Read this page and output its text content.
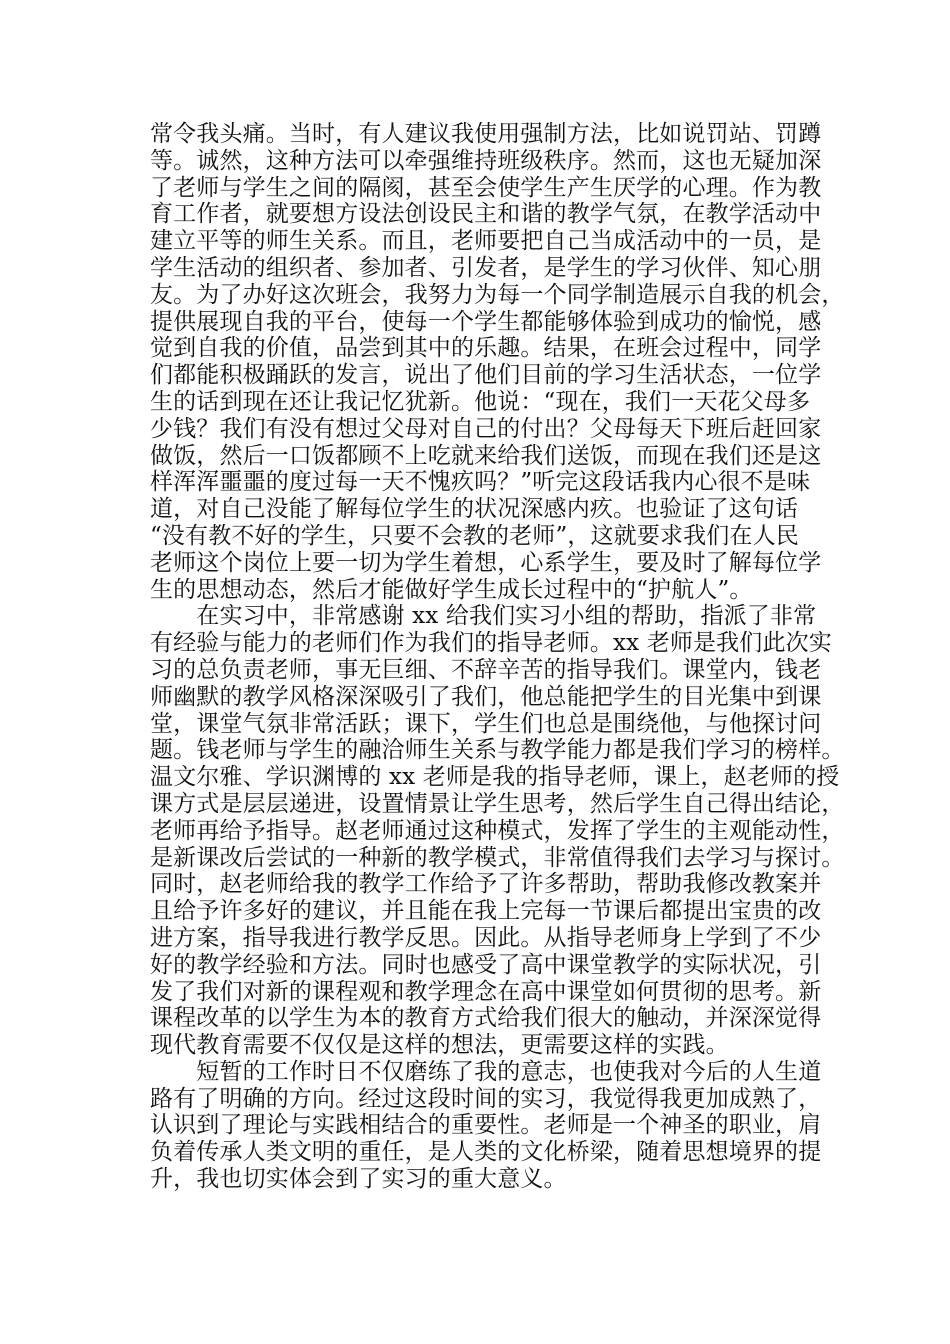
常令我头痛。当时，有人建议我使用强制方法，比如说罚站、罚蹲
等。诚然，这种方法可以牵强维持班级秩序。然而，这也无疑加深
了老师与学生之间的隔阂，甚至会使学生产生厌学的心理。作为教
育工作者，就要想方设法创设民主和谐的教学气氛，在教学活动中
建立平等的师生关系。而且，老师要把自己当成活动中的一员，是
学生活动的组织者、参加者、引发者，是学生的学习伙伴、知心朋
友。为了办好这次班会，我努力为每一个同学制造展示自我的机会，
提供展现自我的平台，使每一个学生都能够体验到成功的愉悦，感
觉到自我的价值，品尝到其中的乐趣。结果，在班会过程中，同学
们都能积极踊跃的发言，说出了他们目前的学习生活状态，一位学
生的话到现在还让我记忆犹新。他说：“现在，我们一天花父母多
少钱？我们有没有想过父母对自己的付出？父母每天下班后赶回家
做饭，然后一口饭都顾不上吃就来给我们送饭，而现在我们还是这
样浑浑噩噩的度过每一天不愧疚吗？”听完这段话我内心很不是味
道，对自己没能了解每位学生的状况深感内疚。也验证了这句话
“没有教不好的学生，只要不会教的老师”，这就要求我们在人民
老师这个岗位上要一切为学生着想，心系学生，要及时了解每位学
生的思想动态，然后才能做好学生成长过程中的“护航人”。
　　在实习中，非常感谢 xx 给我们实习小组的帮助，指派了非常
有经验与能力的老师们作为我们的指导老师。xx 老师是我们此次实
习的总负责老师，事无巨细、不辞辛苦的指导我们。课堂内，钱老
师幽默的教学风格深深吸引了我们，他总能把学生的目光集中到课
堂，课堂气氛非常活跃；课下，学生们也总是围绕他，与他探讨问
题。钱老师与学生的融洽师生关系与教学能力都是我们学习的榜样。
温文尔雅、学识渊博的 xx 老师是我的指导老师，课上，赵老师的授
课方式是层层递进，设置情景让学生思考，然后学生自己得出结论，
老师再给予指导。赵老师通过这种模式，发挥了学生的主观能动性，
是新课改后尝试的一种新的教学模式，非常值得我们去学习与探讨。
同时，赵老师给我的教学工作给予了许多帮助，帮助我修改教案并
且给予许多好的建议，并且能在我上完每一节课后都提出宝贵的改
进方案，指导我进行教学反思。因此。从指导老师身上学到了不少
好的教学经验和方法。同时也感受了高中课堂教学的实际状况，引
发了我们对新的课程观和教学理念在高中课堂如何贯彻的思考。新
课程改革的以学生为本的教育方式给我们很大的触动，并深深觉得
现代教育需要不仅仅是这样的想法，更需要这样的实践。
　　短暂的工作时日不仅磨练了我的意志，也使我对今后的人生道
路有了明确的方向。经过这段时间的实习，我觉得我更加成熟了，
认识到了理论与实践相结合的重要性。老师是一个神圣的职业，肩
负着传承人类文明的重任，是人类的文化桥梁，随着思想境界的提
升，我也切实体会到了实习的重大意义。
